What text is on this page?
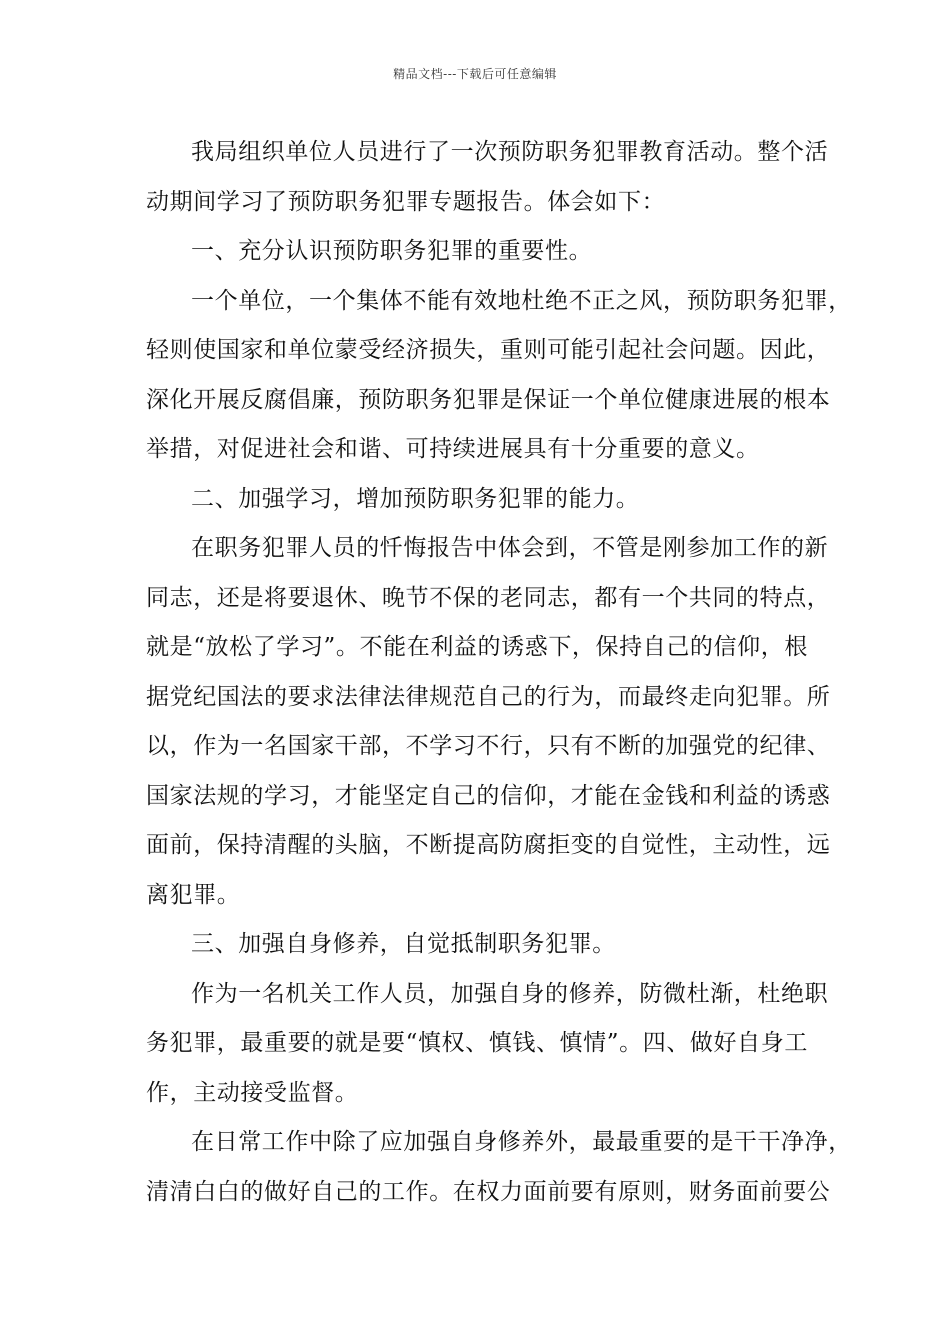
精品文档---下载后可任意编辑
我局组织单位人员进行了一次预防职务犯罪教育活动。整个活
动期间学习了预防职务犯罪专题报告。体会如下：
一、充分认识预防职务犯罪的重要性。
一个单位，一个集体不能有效地杜绝不正之风，预防职务犯罪，
轻则使国家和单位蒙受经济损失，重则可能引起社会问题。因此，
深化开展反腐倡廉，预防职务犯罪是保证一个单位健康进展的根本
举措，对促进社会和谐、可持续进展具有十分重要的意义。
二、加强学习，增加预防职务犯罪的能力。
在职务犯罪人员的忏悔报告中体会到，不管是刚参加工作的新
同志，还是将要退休、晚节不保的老同志，都有一个共同的特点，
就是“放松了学习”。不能在利益的诱惑下，保持自己的信仰，根
据党纪国法的要求法律法律规范自己的行为，而最终走向犯罪。所
以，作为一名国家干部，不学习不行，只有不断的加强党的纪律、
国家法规的学习，才能坚定自己的信仰，才能在金钱和利益的诱惑
面前，保持清醒的头脑，不断提高防腐拒变的自觉性，主动性，远
离犯罪。
三、加强自身修养，自觉抵制职务犯罪。
作为一名机关工作人员，加强自身的修养，防微杜渐，杜绝职
务犯罪，最重要的就是要“慎权、慎钱、慎情”。四、做好自身工
作，主动接受监督。
在日常工作中除了应加强自身修养外，最最重要的是干干净净，
清清白白的做好自己的工作。在权力面前要有原则，财务面前要公
